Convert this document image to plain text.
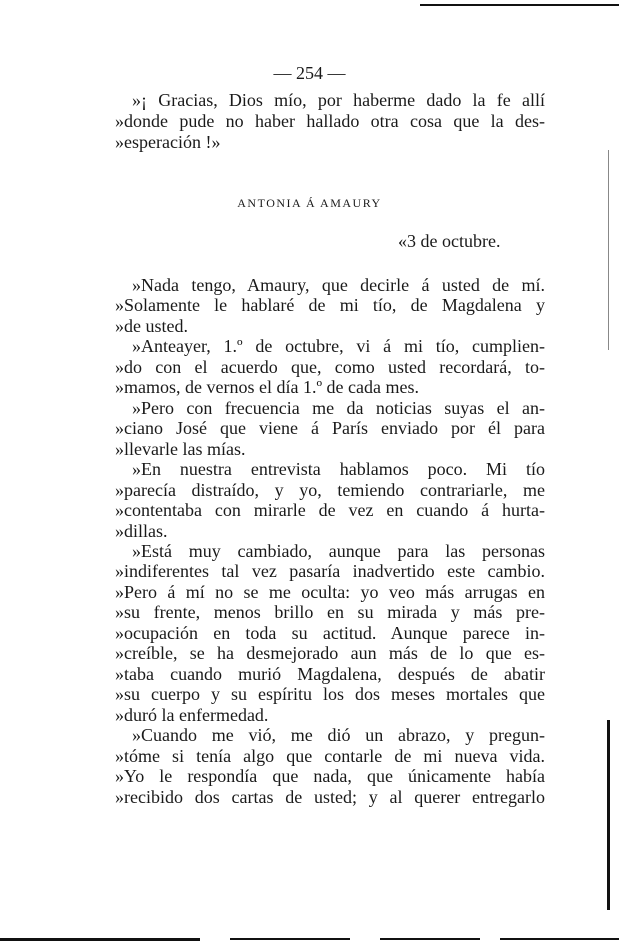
— 254 —
»¡ Gracias, Dios mío, por haberme dado la fe allí
»donde pude no haber hallado otra cosa que la des-
»esperación !»
ANTONIA Á AMAURY
«3 de octubre.
»Nada tengo, Amaury, que decirle á usted de mí.
»Solamente le hablaré de mi tío, de Magdalena y
»de usted.
»Anteayer, 1.º de octubre, vi á mi tío, cumplien-
»do con el acuerdo que, como usted recordará, to-
»mamos, de vernos el día 1.º de cada mes.
»Pero con frecuencia me da noticias suyas el an-
»ciano José que viene á París enviado por él para
»llevarle las mías.
»En nuestra entrevista hablamos poco. Mi tío
»parecía distraído, y yo, temiendo contrariarle, me
»contentaba con mirarle de vez en cuando á hurta-
»dillas.
»Está muy cambiado, aunque para las personas
»indiferentes tal vez pasaría inadvertido este cambio.
»Pero á mí no se me oculta: yo veo más arrugas en
»su frente, menos brillo en su mirada y más pre-
»ocupación en toda su actitud. Aunque parece in-
»creíble, se ha desmejorado aun más de lo que es-
»taba cuando murió Magdalena, después de abatir
»su cuerpo y su espíritu los dos meses mortales que
»duró la enfermedad.
»Cuando me vió, me dió un abrazo, y pregun-
»tóme si tenía algo que contarle de mi nueva vida.
»Yo le respondía que nada, que únicamente había
»recibido dos cartas de usted; y al querer entregarlo
